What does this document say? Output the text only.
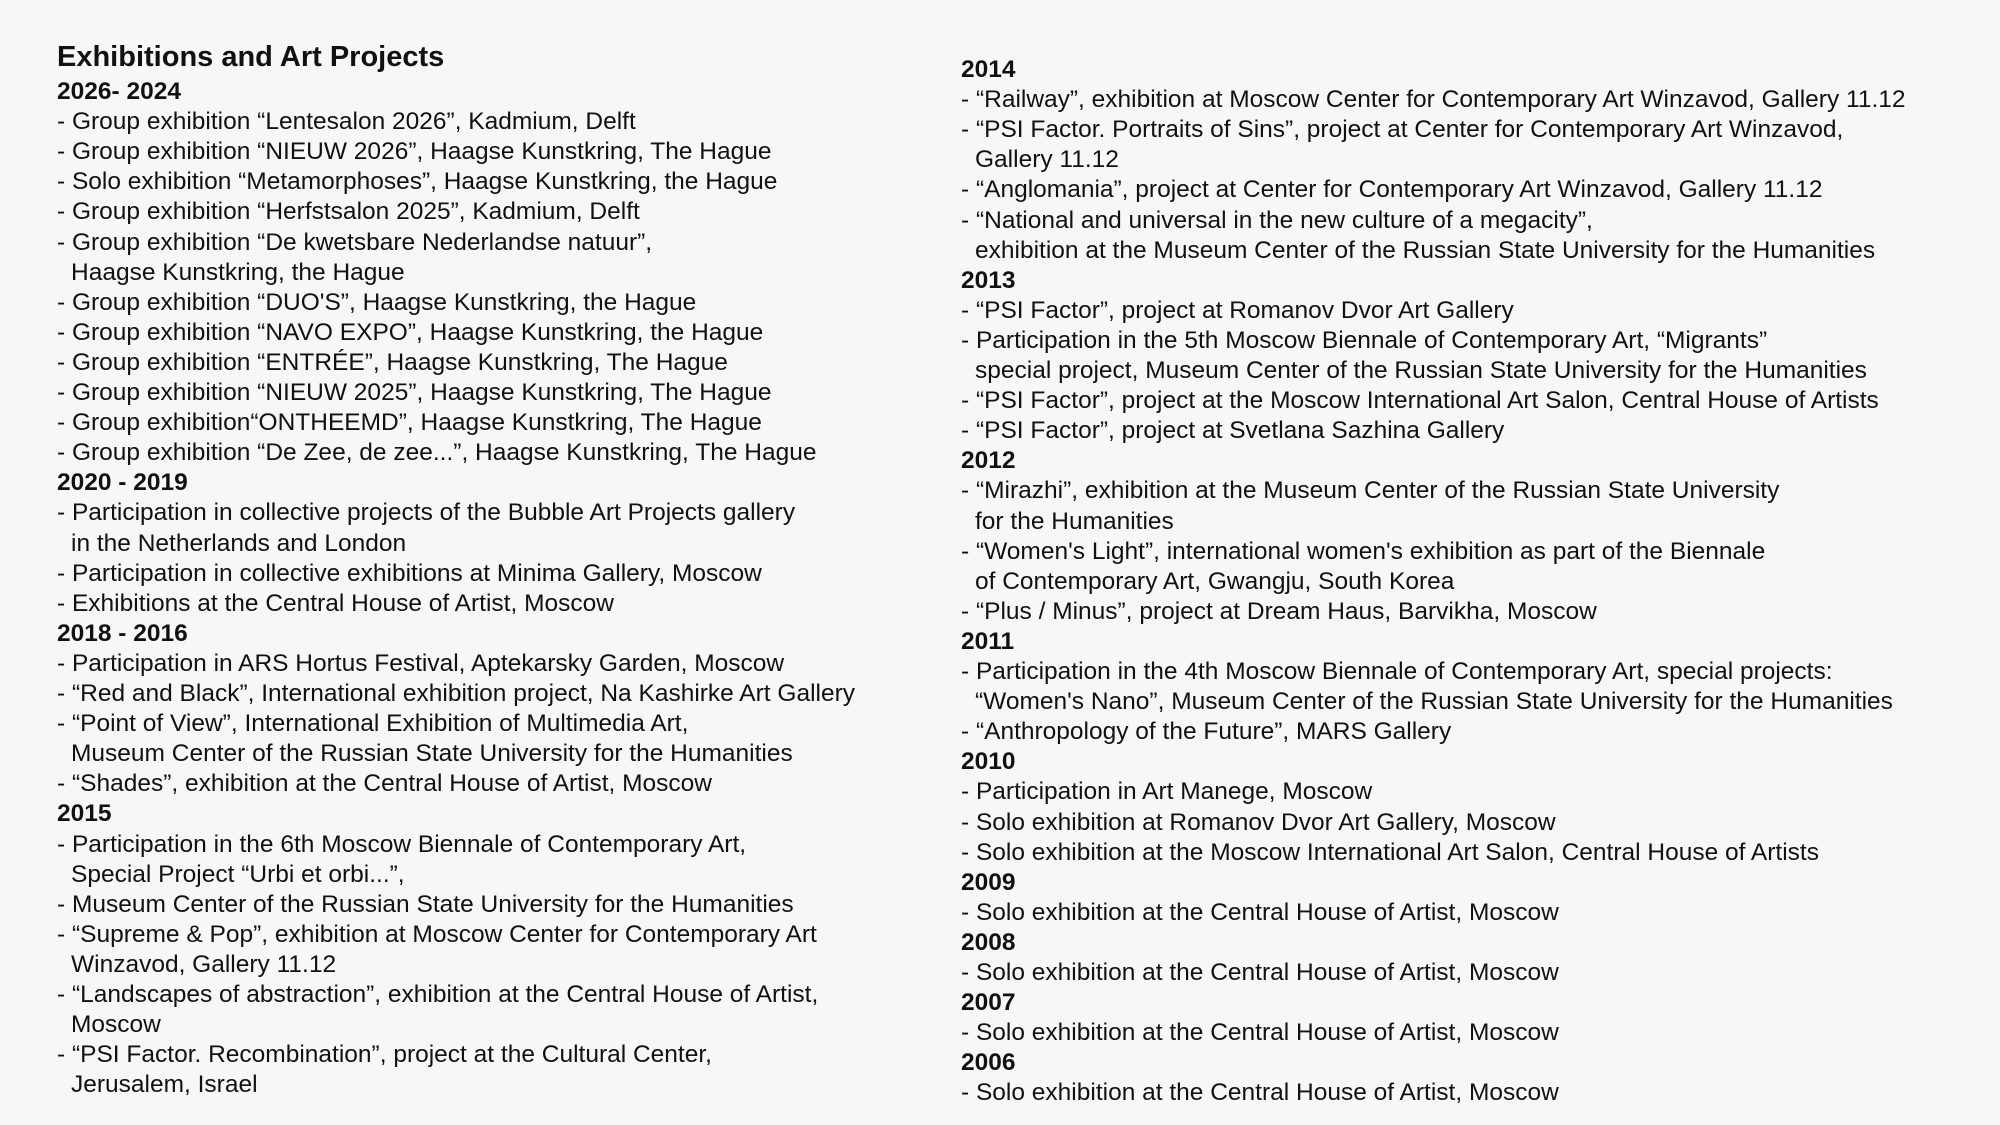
Exhibitions and Art Projects
2026- 2024
- Group exhibition “Lentesalon 2026”, Kadmium, Delft
- Group exhibition “NIEUW 2026”, Haagse Kunstkring, The Hague
- Solo exhibition “Metamorphoses”, Haagse Kunstkring, the Hague
- Group exhibition “Herfstsalon 2025”, Kadmium, Delft
- Group exhibition “De kwetsbare Nederlandse natuur”,
Haagse Kunstkring, the Hague
- Group exhibition “DUO'S”, Haagse Kunstkring, the Hague
- Group exhibition “NAVO EXPO”, Haagse Kunstkring, the Hague
- Group exhibition “ENTRÉE”, Haagse Kunstkring, The Hague
- Group exhibition “NIEUW 2025”, Haagse Kunstkring, The Hague
- Group exhibition“ONTHEEMD”, Haagse Kunstkring, The Hague
- Group exhibition “De Zee, de zee...”, Haagse Kunstkring, The Hague
2020 - 2019
- Participation in collective projects of the Bubble Art Projects gallery
in the Netherlands and London
- Participation in collective exhibitions at Minima Gallery, Moscow
- Exhibitions at the Central House of Artist, Moscow
2018 - 2016
- Participation in ARS Hortus Festival, Aptekarsky Garden, Moscow
- “Red and Black”, International exhibition project, Na Kashirke Art Gallery
- “Point of View”, International Exhibition of Multimedia Art,
Museum Center of the Russian State University for the Humanities
- “Shades”, exhibition at the Central House of Artist, Moscow
2015
- Participation in the 6th Moscow Biennale of Contemporary Art,
Special Project “Urbi et orbi...”,
- Museum Center of the Russian State University for the Humanities
- “Supreme & Pop”, exhibition at Moscow Center for Contemporary Art
Winzavod, Gallery 11.12
- “Landscapes of abstraction”, exhibition at the Central House of Artist,
Moscow
- “PSI Factor. Recombination”, project at the Cultural Center,
Jerusalem, Israel
2014
- “Railway”, exhibition at Moscow Center for Contemporary Art Winzavod, Gallery 11.12
- “PSI Factor. Portraits of Sins”, project at Center for Contemporary Art Winzavod,
Gallery 11.12
- “Anglomania”, project at Center for Contemporary Art Winzavod, Gallery 11.12
- “National and universal in the new culture of a megacity”,
exhibition at the Museum Center of the Russian State University for the Humanities
2013
- “PSI Factor”, project at Romanov Dvor Art Gallery
- Participation in the 5th Moscow Biennale of Contemporary Art, “Migrants”
special project, Museum Center of the Russian State University for the Humanities
- “PSI Factor”, project at the Moscow International Art Salon, Central House of Artists
- “PSI Factor”, project at Svetlana Sazhina Gallery
2012
- “Mirazhi”, exhibition at the Museum Center of the Russian State University
for the Humanities
- “Women's Light”, international women's exhibition as part of the Biennale
of Contemporary Art, Gwangju, South Korea
- “Plus / Minus”, project at Dream Haus, Barvikha, Moscow
2011
- Participation in the 4th Moscow Biennale of Contemporary Art, special projects:
“Women's Nano”, Museum Center of the Russian State University for the Humanities
- “Anthropology of the Future”, MARS Gallery
2010
- Participation in Art Manege, Moscow
- Solo exhibition at Romanov Dvor Art Gallery, Moscow
- Solo exhibition at the Moscow International Art Salon, Central House of Artists
2009
- Solo exhibition at the Central House of Artist, Moscow
2008
- Solo exhibition at the Central House of Artist, Moscow
2007
- Solo exhibition at the Central House of Artist, Moscow
2006
- Solo exhibition at the Central House of Artist, Moscow
